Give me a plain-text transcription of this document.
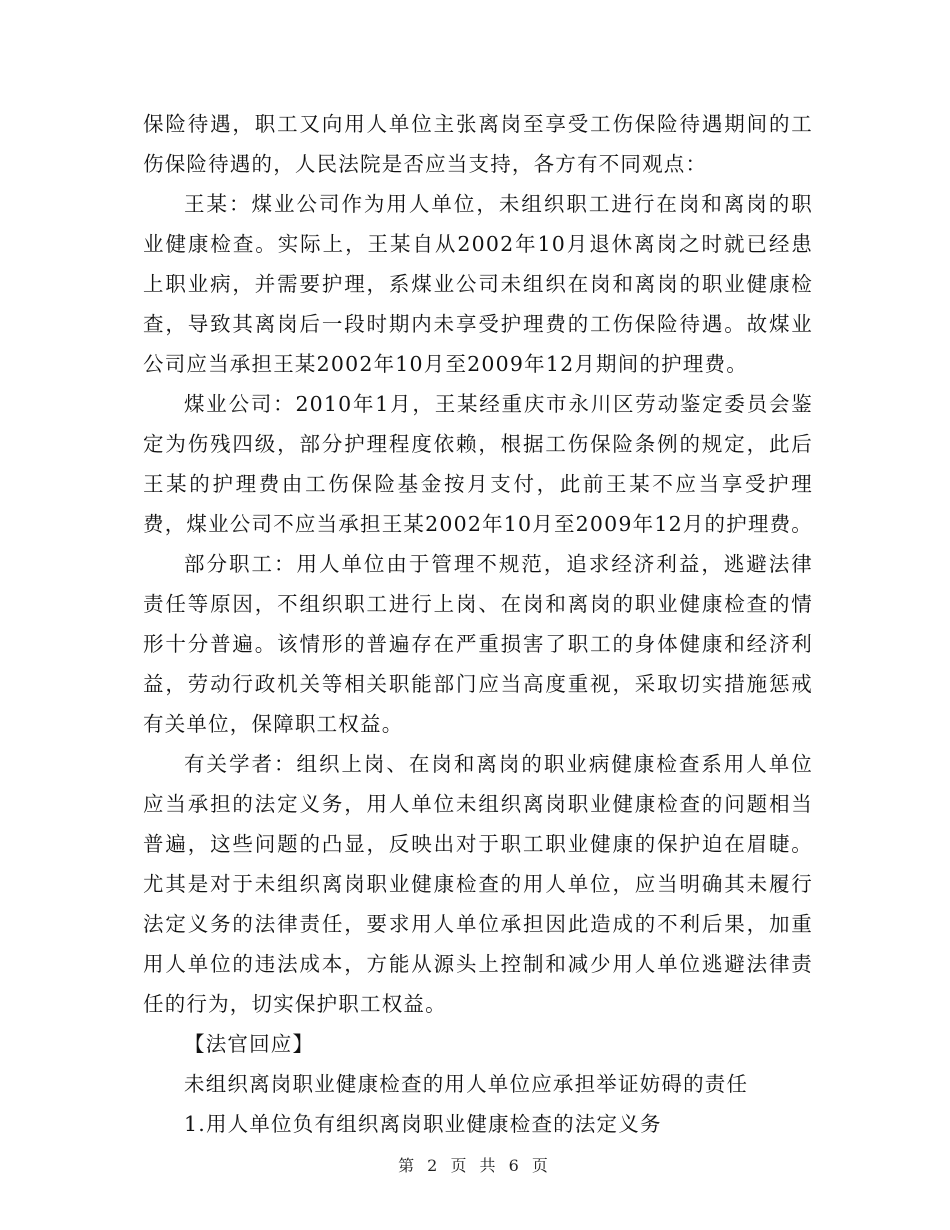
保险待遇，职工又向用人单位主张离岗至享受工伤保险待遇期间的工伤保险待遇的，人民法院是否应当支持，各方有不同观点：

王某：煤业公司作为用人单位，未组织职工进行在岗和离岗的职业健康检查。实际上，王某自从2002年10月退休离岗之时就已经患上职业病，并需要护理，系煤业公司未组织在岗和离岗的职业健康检查，导致其离岗后一段时期内未享受护理费的工伤保险待遇。故煤业公司应当承担王某2002年10月至2009年12月期间的护理费。

煤业公司：2010年1月，王某经重庆市永川区劳动鉴定委员会鉴定为伤残四级，部分护理程度依赖，根据工伤保险条例的规定，此后王某的护理费由工伤保险基金按月支付，此前王某不应当享受护理费，煤业公司不应当承担王某2002年10月至2009年12月的护理费。

部分职工：用人单位由于管理不规范，追求经济利益，逃避法律责任等原因，不组织职工进行上岗、在岗和离岗的职业健康检查的情形十分普遍。该情形的普遍存在严重损害了职工的身体健康和经济利益，劳动行政机关等相关职能部门应当高度重视，采取切实措施惩戒有关单位，保障职工权益。

有关学者：组织上岗、在岗和离岗的职业病健康检查系用人单位应当承担的法定义务，用人单位未组织离岗职业健康检查的问题相当普遍，这些问题的凸显，反映出对于职工职业健康的保护迫在眉睫。尤其是对于未组织离岗职业健康检查的用人单位，应当明确其未履行法定义务的法律责任，要求用人单位承担因此造成的不利后果，加重用人单位的违法成本，方能从源头上控制和减少用人单位逃避法律责任的行为，切实保护职工权益。

【法官回应】

未组织离岗职业健康检查的用人单位应承担举证妨碍的责任

1.用人单位负有组织离岗职业健康检查的法定义务

第 2 页 共 6 页
